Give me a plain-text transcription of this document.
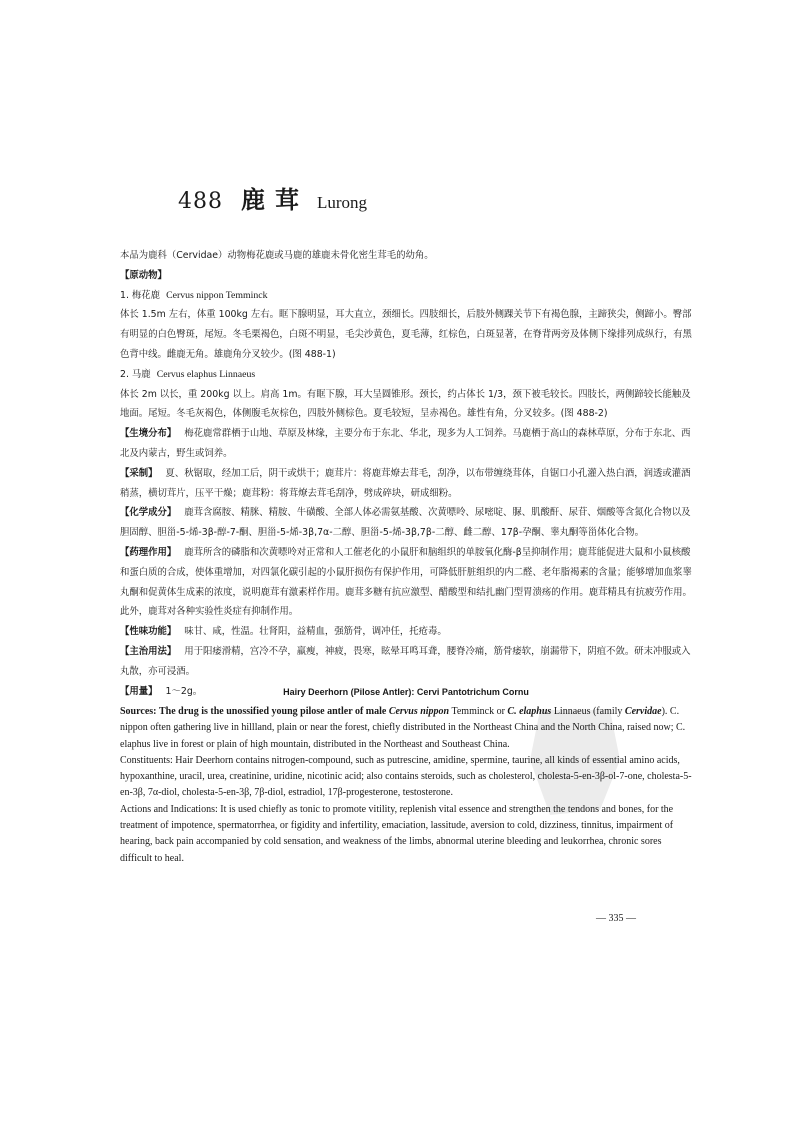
488 鹿茸 Lurong

本品为鹿科（Cervidae）动物梅花鹿或马鹿的雄鹿未骨化密生茸毛的幼角。

【原动物】

1. 梅花鹿 Cervus nippon Temminck

体长 1.5m 左右，体重 100kg 左右。眶下腺明显，耳大直立，颈细长。四肢细长，后肢外侧踝关节下有褐色腺，主蹄狭尖，侧蹄小。臀部有明显的白色臀斑，尾短。冬毛栗褐色，白斑不明显，毛尖沙黄色，夏毛薄，红棕色，白斑显著，在脊背两旁及体侧下缘排列成纵行，有黑色背中线。雌鹿无角。雄鹿角分叉较少。(图 488-1)

2. 马鹿 Cervus elaphus Linnaeus

体长 2m 以长，重 200kg 以上。肩高 1m。有眶下腺，耳大呈圆锥形。颈长，约占体长 1/3，颈下被毛较长。四肢长，两侧蹄较长能触及地面。尾短。冬毛灰褐色，体侧腹毛灰棕色，四肢外侧棕色。夏毛较短，呈赤褐色。雄性有角，分叉较多。(图 488-2)

【生境分布】 梅花鹿常群栖于山地、草原及林缘，主要分布于东北、华北，现多为人工饲养。马鹿栖于高山的森林草原，分布于东北、西北及内蒙古，野生或饲养。

【采制】 夏、秋锯取，经加工后，阴干或烘干；鹿茸片：将鹿茸燎去茸毛，刮净，以布带缠绕茸体，自锯口小孔灌入热白酒，润透或灌酒稍蒸，横切茸片，压平干燥；鹿茸粉：将茸燎去茸毛刮净，劈成碎块，研成细粉。

【化学成分】 鹿茸含腐胺、精脒、精胺、牛磺酸、全部人体必需氨基酸、次黄嘌呤、尿嘧啶、脲、肌酸酐、尿苷、烟酸等含氮化合物以及胆固醇、胆甾-5-烯-3β-醇-7-酮、胆甾-5-烯-3β,7α-二醇、胆甾-5-烯-3β,7β-二醇、雌二醇、17β-孕酮、睾丸酮等甾体化合物。

【药理作用】 鹿茸所含的磷脂和次黄嘌呤对正常和人工催老化的小鼠肝和脑组织的单胺氧化酶-β呈抑制作用；鹿茸能促进大鼠和小鼠核酸和蛋白质的合成，使体重增加，对四氯化碳引起的小鼠肝损伤有保护作用，可降低肝脏组织的内二醛、老年脂褐素的含量；能够增加血浆睾丸酮和促黄体生成素的浓度，说明鹿茸有激素样作用。鹿茸多糖有抗应激型、醋酸型和结扎幽门型胃溃疡的作用。鹿茸精具有抗疲劳作用。此外，鹿茸对各种实验性炎症有抑制作用。

【性味功能】 味甘、咸，性温。壮肾阳，益精血，强筋骨，调冲任，托疮毒。

【主治用法】 用于阳痿滑精，宫冷不孕，羸瘦，神疲，畏寒，眩晕耳鸣耳聋，腰脊冷痛，筋骨痿软，崩漏带下，阴疽不敛。研末冲服或入丸散，亦可浸酒。

【用量】 1～2g。	Hairy Deerhorn (Pilose Antler): Cervi Pantotrichum Cornu

Sources: The drug is the unossified young pilose antler of male Cervus nippon Temminck or C. elaphus Linnaeus (family Cervidae). C. nippon often gathering live in hillland, plain or near the forest, chiefly distributed in the Northeast China and the North China, raised now; C. elaphus live in forest or plain of high mountain, distributed in the Northeast and Southeast China.

Constituents: Hair Deerhorn contains nitrogen-compound, such as putrescine, amidine, spermine, taurine, all kinds of essential amino acids, hypoxanthine, uracil, urea, creatinine, uridine, nicotinic acid; also contains steroids, such as cholesterol, cholesta-5-en-3β-ol-7-one, cholesta-5-en-3β, 7α-diol, cholesta-5-en-3β, 7β-diol, estradiol, 17β-progesterone, testosterone.

Actions and Indications: It is used chiefly as tonic to promote vitility, replenish vital essence and strengthen the tendons and bones, for the treatment of impotence, spermatorrhea, or figidity and infertility, emaciation, lassitude, aversion to cold, dizziness, tinnitus, impairment of hearing, back pain accompanied by cold sensation, and weakness of the limbs, abnormal uterine bleeding and leukorrhea, chronic sores difficult to heal.

— 335 —
